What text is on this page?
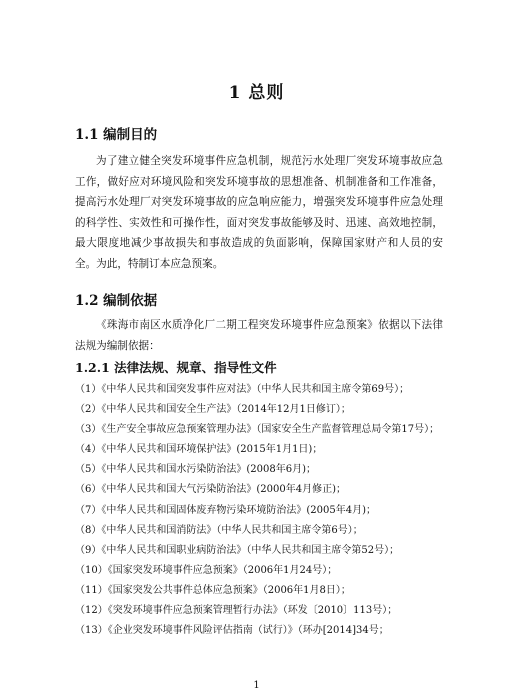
1 总则
1.1 编制目的

为了建立健全突发环境事件应急机制，规范污水处理厂突发环境事故应急工作，做好应对环境风险和突发环境事故的思想准备、机制准备和工作准备，提高污水处理厂对突发环境事故的应急响应能力，增强突发环境事件应急处理的科学性、实效性和可操作性，面对突发事故能够及时、迅速、高效地控制，最大限度地减少事故损失和事故造成的负面影响，保障国家财产和人员的安全。为此，特制订本应急预案。

1.2 编制依据

《珠海市南区水质净化厂二期工程突发环境事件应急预案》依据以下法律法规为编制依据：

1.2.1 法律法规、规章、指导性文件
（1）《中华人民共和国突发事件应对法》（中华人民共和国主席令第69号）；
（2）《中华人民共和国安全生产法》（2014年12月1日修订）；
（3）《生产安全事故应急预案管理办法》（国家安全生产监督管理总局令第17号）；
（4）《中华人民共和国环境保护法》(2015年1月1日)；
（5）《中华人民共和国水污染防治法》(2008年6月)；
（6）《中华人民共和国大气污染防治法》(2000年4月修正)；
（7）《中华人民共和国固体废弃物污染环境防治法》(2005年4月)；
（8）《中华人民共和国消防法》（中华人民共和国主席令第6号）；
（9）《中华人民共和国职业病防治法》（中华人民共和国主席令第52号）；
（10）《国家突发环境事件应急预案》（2006年1月24号）；
（11）《国家突发公共事件总体应急预案》（2006年1月8日）；
（12）《突发环境事件应急预案管理暂行办法》（环发〔2010〕113号）；
（13）《企业突发环境事件风险评估指南（试行）》（环办[2014]34号；
1
